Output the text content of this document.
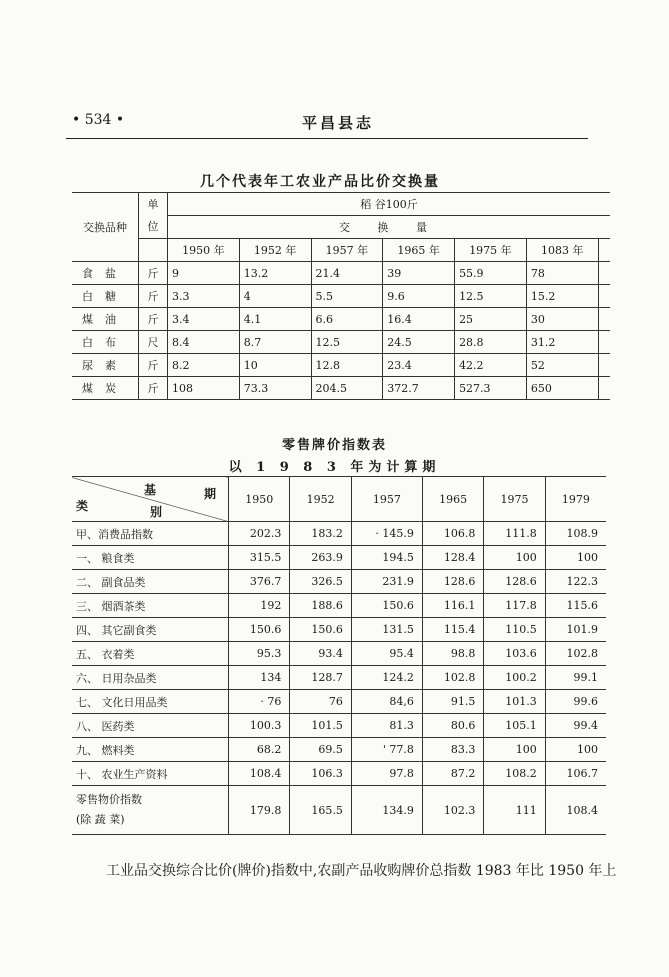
• 534 •	平昌县志
几个代表年工农业产品比价交换量
交换品种	单
位	稻 谷100斤						
		交 换 量						
		1950 年	1952 年	1957 年	1965 年	1975 年	1083 年	
食盐	斤	9	13.2	21.4	39	55.9	78	
白糖	斤	3.3	4	5.5	9.6	12.5	15.2	
煤油	斤	3.4	4.1	6.6	16.4	25	30	
白布	尺	8.4	8.7	12.5	24.5	28.8	31.2	
尿素	斤	8.2	10	12.8	23.4	42.2	52	
煤炭	斤	108	73.3	204.5	372.7	527.3	650	
零售牌价指数表
以 1 9 8 3 年为计算期
基 期
类 别	1950	1952	1957	1965	1975	1979
甲、消费品指数	202.3	183.2	· 145.9	106.8	111.8	108.9
一、 粮食类	315.5	263.9	194.5	128.4	100	100
二、 副食品类	376.7	326.5	231.9	128.6	128.6	122.3
三、 烟酒茶类	192	188.6	150.6	116.1	117.8	115.6
四、 其它副食类	150.6	150.6	131.5	115.4	110.5	101.9
五、 衣着类	95.3	93.4	95.4	98.8	103.6	102.8
六、 日用杂品类	134	128.7	124.2	102.8	100.2	99.1
七、 文化日用品类	· 76	76	84,6	91.5	101.3	99.6
八、 医药类	100.3	101.5	81.3	80.6	105.1	99.4
九、 燃料类	68.2	69.5	' 77.8	83.3	100	100
十、 农业生产资料	108.4	106.3	97.8	87.2	108.2	106.7

零售物价指数
(除 蔬 菜)	179.8	165.5	134.9	102.3	111	108.4
工业品交换综合比价(牌价)指数中,农副产品收购牌价总指数 1983 年比 1950 年上
